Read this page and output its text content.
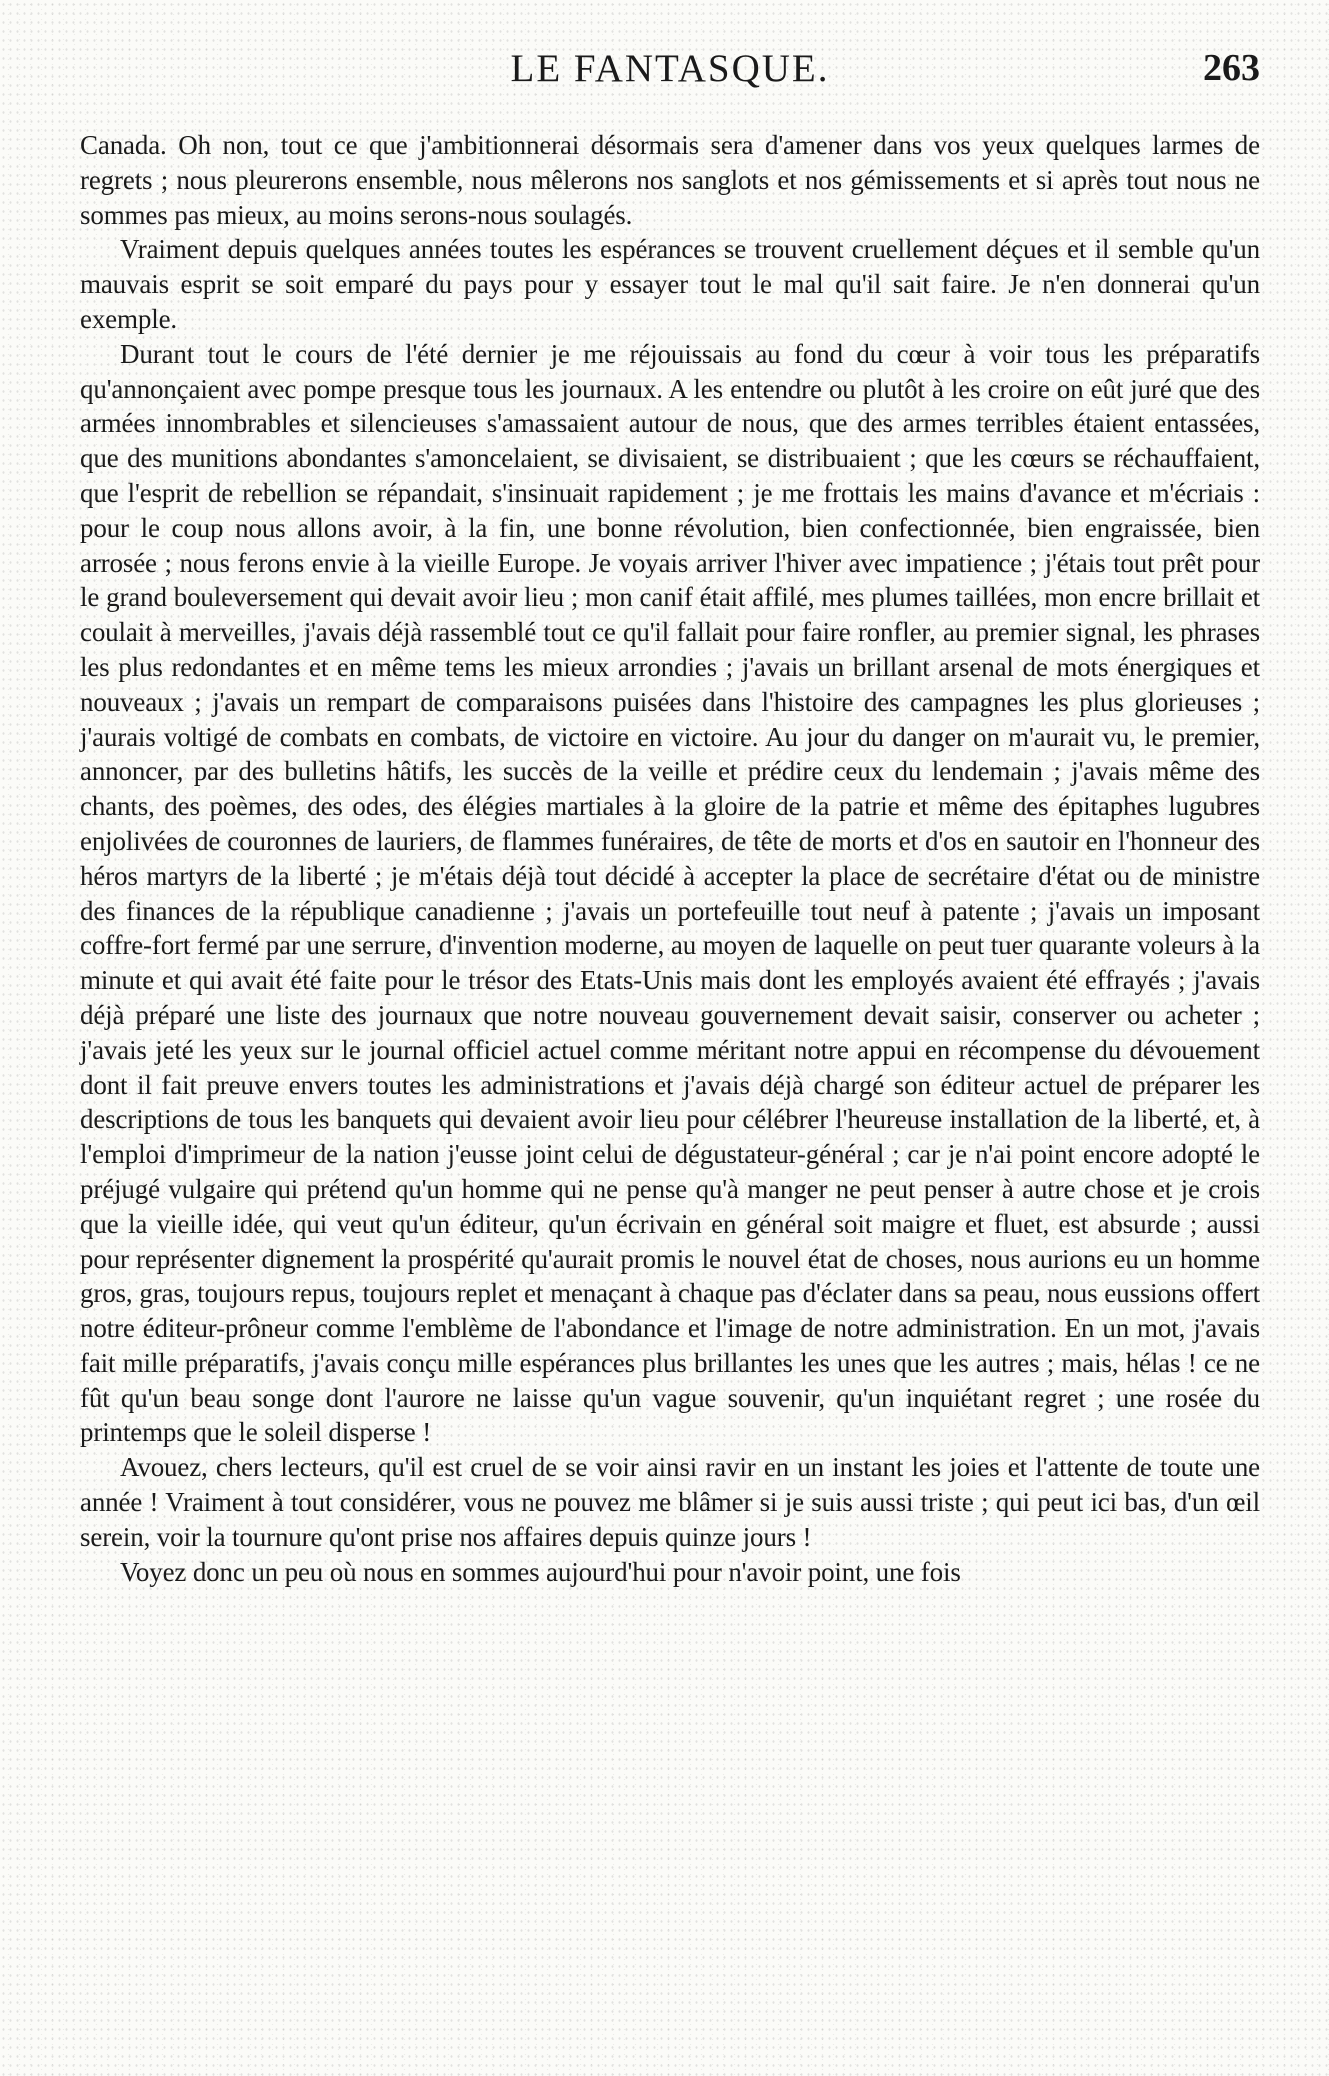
LE FANTASQUE.	263

Canada. Oh non, tout ce que j'ambitionnerai désormais sera d'amener dans vos yeux quelques larmes de regrets ; nous pleurerons ensemble, nous mêlerons nos sanglots et nos gémissements et si après tout nous ne sommes pas mieux, au moins serons-nous soulagés.

Vraiment depuis quelques années toutes les espérances se trouvent cruellement déçues et il semble qu'un mauvais esprit se soit emparé du pays pour y essayer tout le mal qu'il sait faire. Je n'en donnerai qu'un exemple.

Durant tout le cours de l'été dernier je me réjouissais au fond du cœur à voir tous les préparatifs qu'annonçaient avec pompe presque tous les journaux. A les entendre ou plutôt à les croire on eût juré que des armées innombrables et silencieuses s'amassaient autour de nous, que des armes terribles étaient entassées, que des munitions abondantes s'amoncelaient, se divisaient, se distribuaient ; que les cœurs se réchauffaient, que l'esprit de rebellion se répandait, s'insinuait rapidement ; je me frottais les mains d'avance et m'écriais : pour le coup nous allons avoir, à la fin, une bonne révolution, bien confectionnée, bien engraissée, bien arrosée ; nous ferons envie à la vieille Europe. Je voyais arriver l'hiver avec impatience ; j'étais tout prêt pour le grand bouleversement qui devait avoir lieu ; mon canif était affilé, mes plumes taillées, mon encre brillait et coulait à merveilles, j'avais déjà rassemblé tout ce qu'il fallait pour faire ronfler, au premier signal, les phrases les plus redondantes et en même tems les mieux arrondies ; j'avais un brillant arsenal de mots énergiques et nouveaux ; j'avais un rempart de comparaisons puisées dans l'histoire des campagnes les plus glorieuses ; j'aurais voltigé de combats en combats, de victoire en victoire. Au jour du danger on m'aurait vu, le premier, annoncer, par des bulletins hâtifs, les succès de la veille et prédire ceux du lendemain ; j'avais même des chants, des poèmes, des odes, des élégies martiales à la gloire de la patrie et même des épitaphes lugubres enjolivées de couronnes de lauriers, de flammes funéraires, de tête de morts et d'os en sautoir en l'honneur des héros martyrs de la liberté ; je m'étais déjà tout décidé à accepter la place de secrétaire d'état ou de ministre des finances de la république canadienne ; j'avais un portefeuille tout neuf à patente ; j'avais un imposant coffre-fort fermé par une serrure, d'invention moderne, au moyen de laquelle on peut tuer quarante voleurs à la minute et qui avait été faite pour le trésor des Etats-Unis mais dont les employés avaient été effrayés ; j'avais déjà préparé une liste des journaux que notre nouveau gouvernement devait saisir, conserver ou acheter ; j'avais jeté les yeux sur le journal officiel actuel comme méritant notre appui en récompense du dévouement dont il fait preuve envers toutes les administrations et j'avais déjà chargé son éditeur actuel de préparer les descriptions de tous les banquets qui devaient avoir lieu pour célébrer l'heureuse installation de la liberté, et, à l'emploi d'imprimeur de la nation j'eusse joint celui de dégustateur-général ; car je n'ai point encore adopté le préjugé vulgaire qui prétend qu'un homme qui ne pense qu'à manger ne peut penser à autre chose et je crois que la vieille idée, qui veut qu'un éditeur, qu'un écrivain en général soit maigre et fluet, est absurde ; aussi pour représenter dignement la prospérité qu'aurait promis le nouvel état de choses, nous aurions eu un homme gros, gras, toujours repus, toujours replet et menaçant à chaque pas d'éclater dans sa peau, nous eussions offert notre éditeur-prôneur comme l'emblème de l'abondance et l'image de notre administration. En un mot, j'avais fait mille préparatifs, j'avais conçu mille espérances plus brillantes les unes que les autres ; mais, hélas ! ce ne fût qu'un beau songe dont l'aurore ne laisse qu'un vague souvenir, qu'un inquiétant regret ; une rosée du printemps que le soleil disperse !

Avouez, chers lecteurs, qu'il est cruel de se voir ainsi ravir en un instant les joies et l'attente de toute une année ! Vraiment à tout considérer, vous ne pouvez me blâmer si je suis aussi triste ; qui peut ici bas, d'un œil serein, voir la tournure qu'ont prise nos affaires depuis quinze jours !

Voyez donc un peu où nous en sommes aujourd'hui pour n'avoir point, une fois
